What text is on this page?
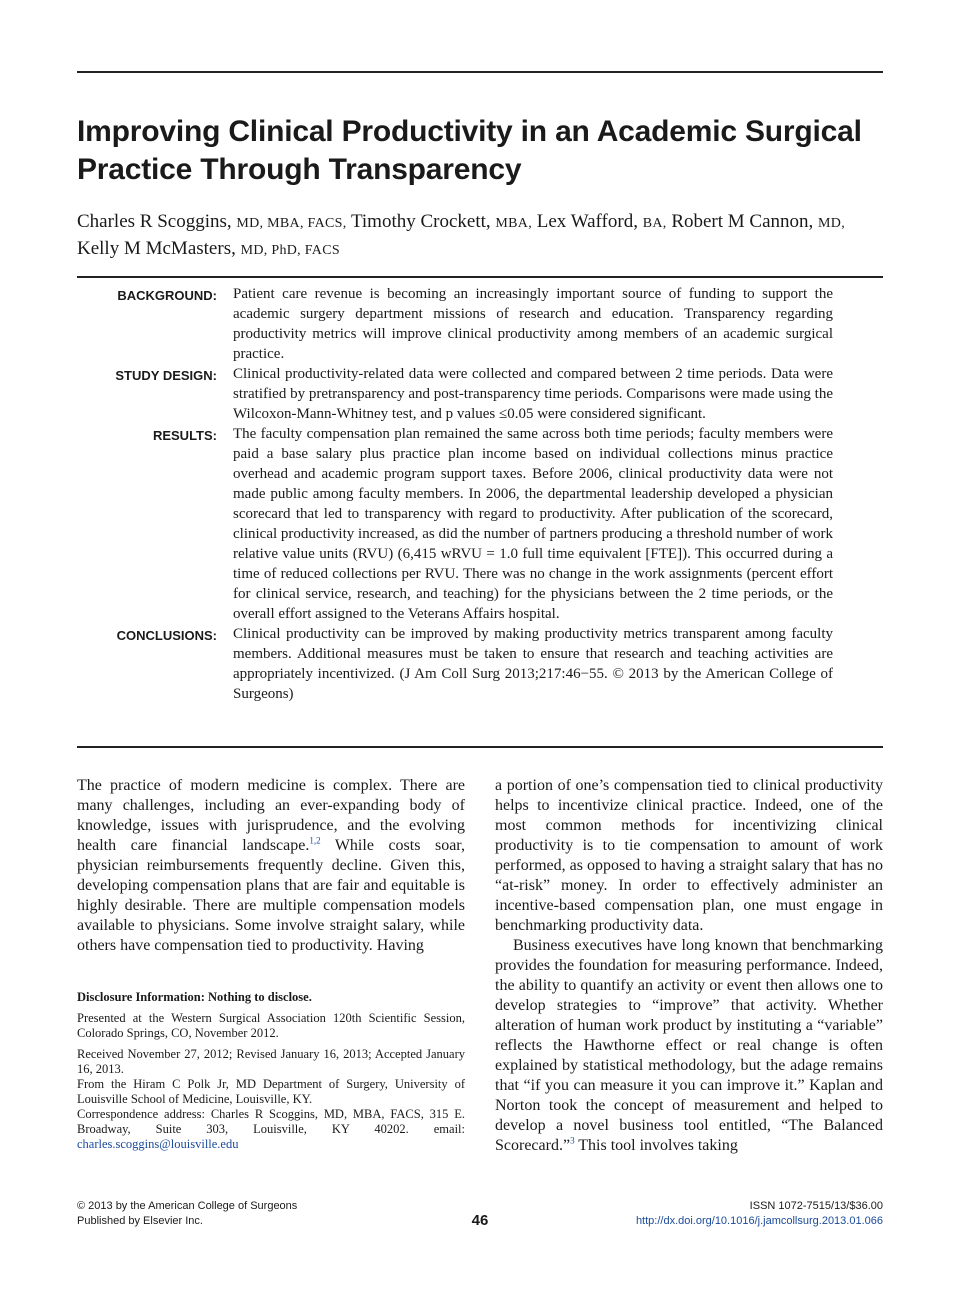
Improving Clinical Productivity in an Academic Surgical Practice Through Transparency
Charles R Scoggins, MD, MBA, FACS, Timothy Crockett, MBA, Lex Wafford, BA, Robert M Cannon, MD, Kelly M McMasters, MD, PhD, FACS
BACKGROUND:	Patient care revenue is becoming an increasingly important source of funding to support the academic surgery department missions of research and education. Transparency regarding productivity metrics will improve clinical productivity among members of an academic surgical practice.
STUDY DESIGN:	Clinical productivity-related data were collected and compared between 2 time periods. Data were stratified by pretransparency and post-transparency time periods. Comparisons were made using the Wilcoxon-Mann-Whitney test, and p values ≤0.05 were considered significant.
RESULTS:	The faculty compensation plan remained the same across both time periods; faculty members were paid a base salary plus practice plan income based on individual collections minus practice overhead and academic program support taxes. Before 2006, clinical productivity data were not made public among faculty members. In 2006, the departmental leadership developed a physician scorecard that led to transparency with regard to productivity. After publication of the scorecard, clinical productivity increased, as did the number of partners producing a threshold number of work relative value units (RVU) (6,415 wRVU = 1.0 full time equivalent [FTE]). This occurred during a time of reduced collections per RVU. There was no change in the work assignments (percent effort for clinical service, research, and teaching) for the physicians between the 2 time periods, or the overall effort assigned to the Veterans Affairs hospital.
CONCLUSIONS:	Clinical productivity can be improved by making productivity metrics transparent among faculty members. Additional measures must be taken to ensure that research and teaching activities are appropriately incentivized. (J Am Coll Surg 2013;217:46−55. © 2013 by the American College of Surgeons)

The practice of modern medicine is complex. There are many challenges, including an ever-expanding body of knowledge, issues with jurisprudence, and the evolving health care financial landscape.$^{1,2}$ While costs soar, physician reimbursements frequently decline. Given this, developing compensation plans that are fair and equitable is highly desirable. There are multiple compensation models available to physicians. Some involve straight salary, while others have compensation tied to productivity. Having

Disclosure Information: Nothing to disclose.

Presented at the Western Surgical Association 120th Scientific Session, Colorado Springs, CO, November 2012.

Received November 27, 2012; Revised January 16, 2013; Accepted January 16, 2013.

From the Hiram C Polk Jr, MD Department of Surgery, University of Louisville School of Medicine, Louisville, KY.

Correspondence address: Charles R Scoggins, MD, MBA, FACS, 315 E. Broadway, Suite 303, Louisville, KY 40202. email: charles.scoggins@louisville.edu

a portion of one’s compensation tied to clinical productivity helps to incentivize clinical practice. Indeed, one of the most common methods for incentivizing clinical productivity is to tie compensation to amount of work performed, as opposed to having a straight salary that has no “at-risk” money. In order to effectively administer an incentive-based compensation plan, one must engage in benchmarking productivity data.

Business executives have long known that benchmarking provides the foundation for measuring performance. Indeed, the ability to quantify an activity or event then allows one to develop strategies to “improve” that activity. Whether alteration of human work product by instituting a “variable” reflects the Hawthorne effect or real change is often explained by statistical methodology, but the adage remains that “if you can measure it you can improve it.” Kaplan and Norton took the concept of measurement and helped to develop a novel business tool entitled, “The Balanced Scorecard.”$^3$ This tool involves taking

© 2013 by the American College of Surgeons
Published by Elsevier Inc.	46
ISSN 1072-7515/13/$36.00
http://dx.doi.org/10.1016/j.jamcollsurg.2013.01.066
